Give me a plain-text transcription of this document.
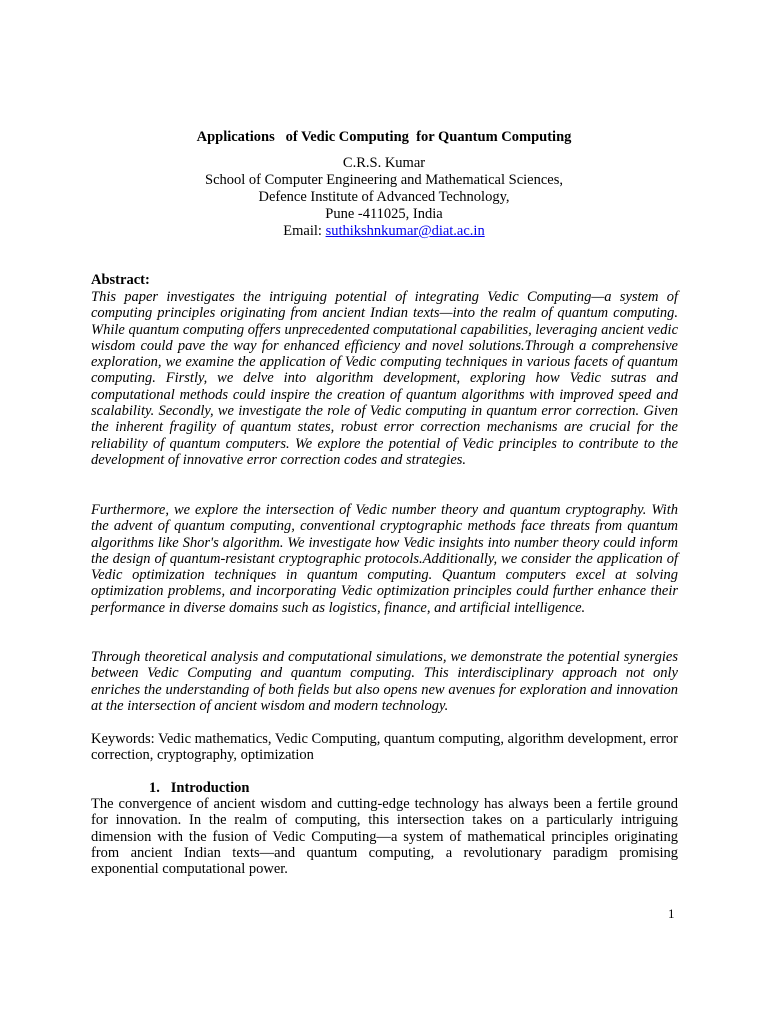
Applications   of Vedic Computing  for Quantum Computing
C.R.S. Kumar
School of Computer Engineering and Mathematical Sciences,
Defence Institute of Advanced Technology,
Pune -411025, India
Email: suthikshnkumar@diat.ac.in
Abstract:
This paper investigates the intriguing potential of integrating Vedic Computing—a system of computing principles originating from ancient Indian texts—into the realm of quantum computing. While quantum computing offers unprecedented computational capabilities, leveraging ancient vedic wisdom could pave the way for enhanced efficiency and novel solutions.Through a comprehensive exploration, we examine the application of Vedic computing techniques in various facets of quantum computing. Firstly, we delve into algorithm development, exploring how Vedic sutras and computational methods could inspire the creation of quantum algorithms with improved speed and scalability. Secondly, we investigate the role of Vedic computing in quantum error correction. Given the inherent fragility of quantum states, robust error correction mechanisms are crucial for the reliability of quantum computers. We explore the potential of Vedic principles to contribute to the development of innovative error correction codes and strategies.
Furthermore, we explore the intersection of Vedic number theory and quantum cryptography. With the advent of quantum computing, conventional cryptographic methods face threats from quantum algorithms like Shor's algorithm. We investigate how Vedic insights into number theory could inform the design of quantum-resistant cryptographic protocols.Additionally, we consider the application of Vedic optimization techniques in quantum computing. Quantum computers excel at solving optimization problems, and incorporating Vedic optimization principles could further enhance their performance in diverse domains such as logistics, finance, and artificial intelligence.
Through theoretical analysis and computational simulations, we demonstrate the potential synergies between Vedic Computing and quantum computing. This interdisciplinary approach not only enriches the understanding of both fields but also opens new avenues for exploration and innovation at the intersection of ancient wisdom and modern technology.
Keywords: Vedic mathematics, Vedic Computing, quantum computing, algorithm development, error correction, cryptography, optimization
1.   Introduction
The convergence of ancient wisdom and cutting-edge technology has always been a fertile ground for innovation. In the realm of computing, this intersection takes on a particularly intriguing dimension with the fusion of Vedic Computing—a system of mathematical principles originating from ancient Indian texts—and quantum computing, a revolutionary paradigm promising exponential computational power.
1
